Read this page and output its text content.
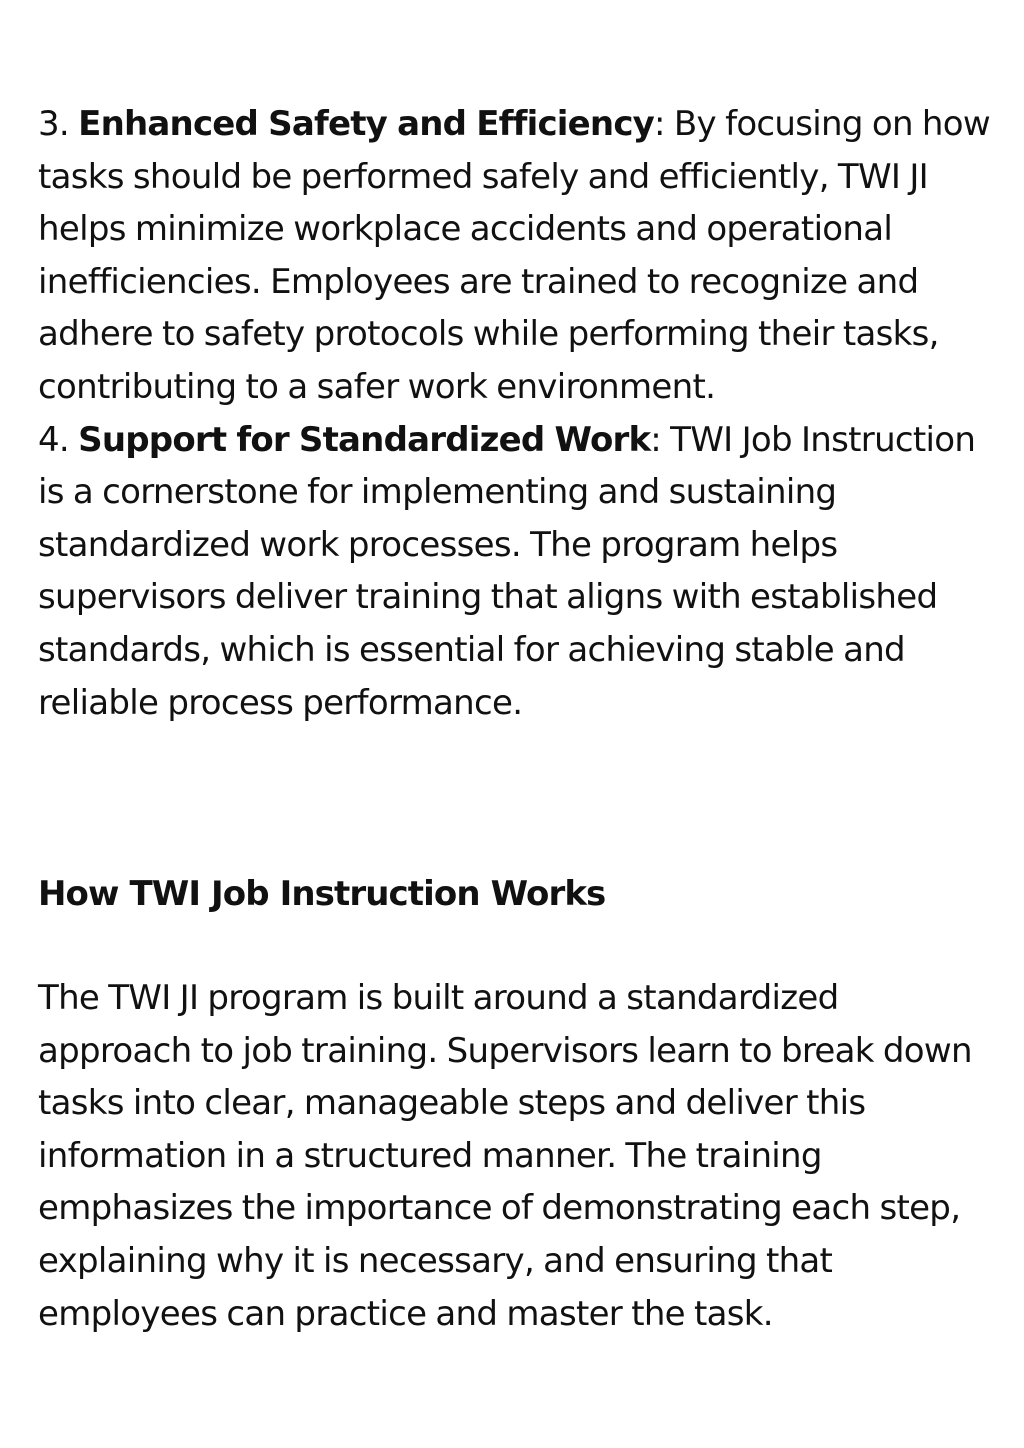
3. Enhanced Safety and Efficiency: By focusing on how tasks should be performed safely and efficiently, TWI JI helps minimize workplace accidents and operational inefficiencies. Employees are trained to recognize and adhere to safety protocols while performing their tasks, contributing to a safer work environment.

4. Support for Standardized Work: TWI Job Instruction is a cornerstone for implementing and sustaining standardized work processes. The program helps supervisors deliver training that aligns with established standards, which is essential for achieving stable and reliable process performance.

How TWI Job Instruction Works

The TWI JI program is built around a standardized approach to job training. Supervisors learn to break down tasks into clear, manageable steps and deliver this information in a structured manner. The training emphasizes the importance of demonstrating each step, explaining why it is necessary, and ensuring that employees can practice and master the task.
